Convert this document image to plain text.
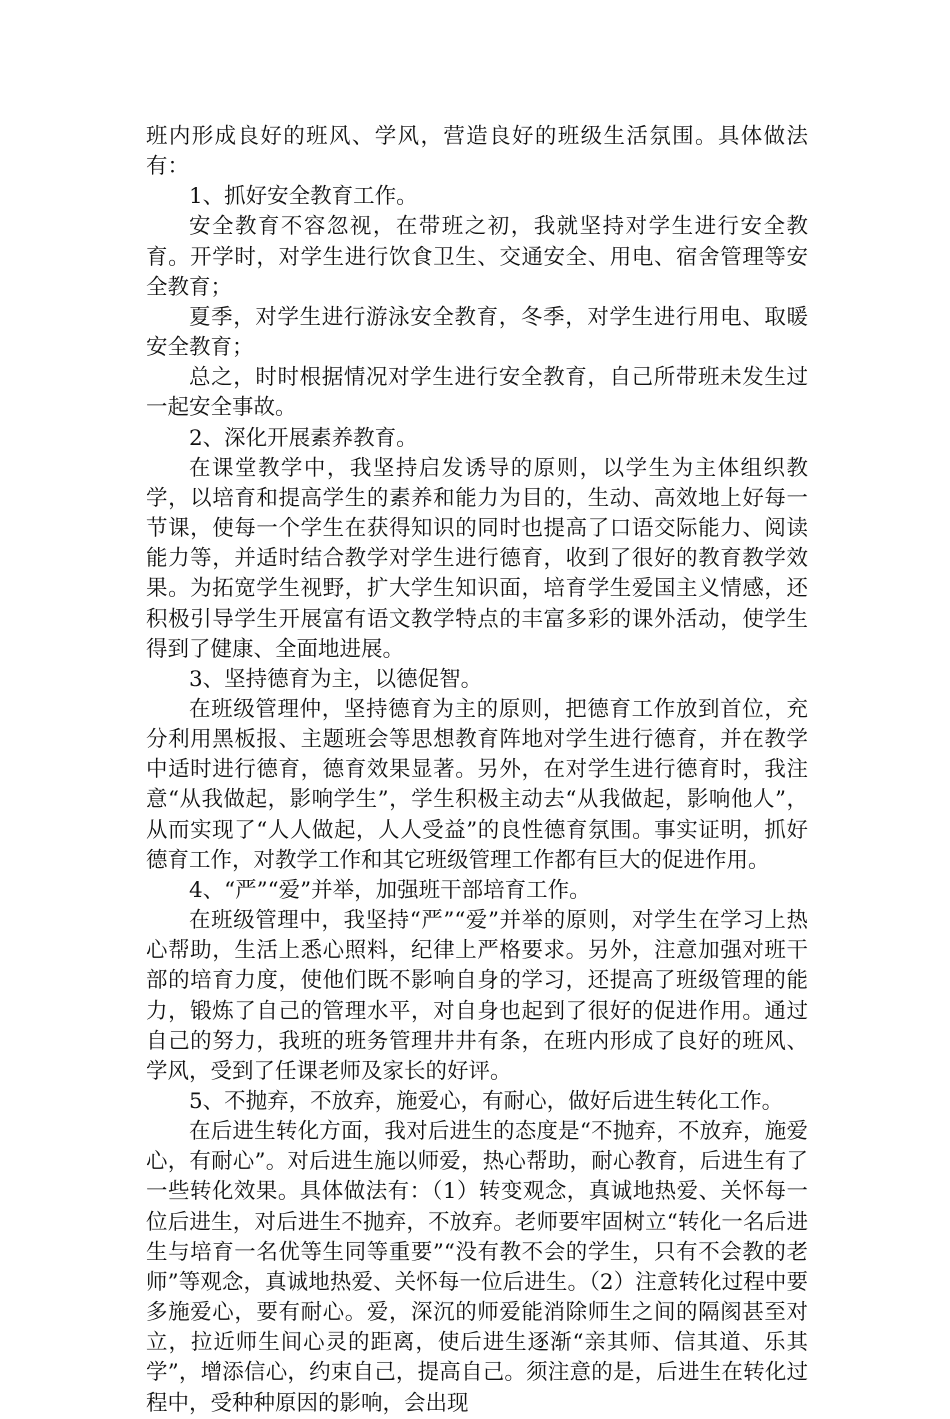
班内形成良好的班风、学风，营造良好的班级生活氛围。具体做法有：

1、抓好安全教育工作。

安全教育不容忽视，在带班之初，我就坚持对学生进行安全教育。开学时，对学生进行饮食卫生、交通安全、用电、宿舍管理等安全教育；

夏季，对学生进行游泳安全教育，冬季，对学生进行用电、取暖安全教育；

总之，时时根据情况对学生进行安全教育，自己所带班未发生过一起安全事故。

2、深化开展素养教育。

在课堂教学中，我坚持启发诱导的原则，以学生为主体组织教学，以培育和提高学生的素养和能力为目的，生动、高效地上好每一节课，使每一个学生在获得知识的同时也提高了口语交际能力、阅读能力等，并适时结合教学对学生进行德育，收到了很好的教育教学效果。为拓宽学生视野，扩大学生知识面，培育学生爱国主义情感，还积极引导学生开展富有语文教学特点的丰富多彩的课外活动，使学生得到了健康、全面地进展。

3、坚持德育为主，以德促智。

在班级管理仲，坚持德育为主的原则，把德育工作放到首位，充分利用黑板报、主题班会等思想教育阵地对学生进行德育，并在教学中适时进行德育，德育效果显著。另外，在对学生进行德育时，我注意“从我做起，影响学生”，学生积极主动去“从我做起，影响他人”，从而实现了“人人做起，人人受益”的良性德育氛围。事实证明，抓好德育工作，对教学工作和其它班级管理工作都有巨大的促进作用。

4、“严”“爱”并举，加强班干部培育工作。

在班级管理中，我坚持“严”“爱”并举的原则，对学生在学习上热心帮助，生活上悉心照料，纪律上严格要求。另外，注意加强对班干部的培育力度，使他们既不影响自身的学习，还提高了班级管理的能力，锻炼了自己的管理水平，对自身也起到了很好的促进作用。通过自己的努力，我班的班务管理井井有条，在班内形成了良好的班风、学风，受到了任课老师及家长的好评。

5、不抛弃，不放弃，施爱心，有耐心，做好后进生转化工作。

在后进生转化方面，我对后进生的态度是“不抛弃，不放弃，施爱心，有耐心”。对后进生施以师爱，热心帮助，耐心教育，后进生有了一些转化效果。具体做法有：（1）转变观念，真诚地热爱、关怀每一位后进生，对后进生不抛弃，不放弃。老师要牢固树立“转化一名后进生与培育一名优等生同等重要”“没有教不会的学生，只有不会教的老师”等观念，真诚地热爱、关怀每一位后进生。（2）注意转化过程中要多施爱心，要有耐心。爱，深沉的师爱能消除师生之间的隔阂甚至对立，拉近师生间心灵的距离，使后进生逐渐“亲其师、信其道、乐其学”，增添信心，约束自己，提高自己。须注意的是，后进生在转化过程中，受种种原因的影响，会出现
